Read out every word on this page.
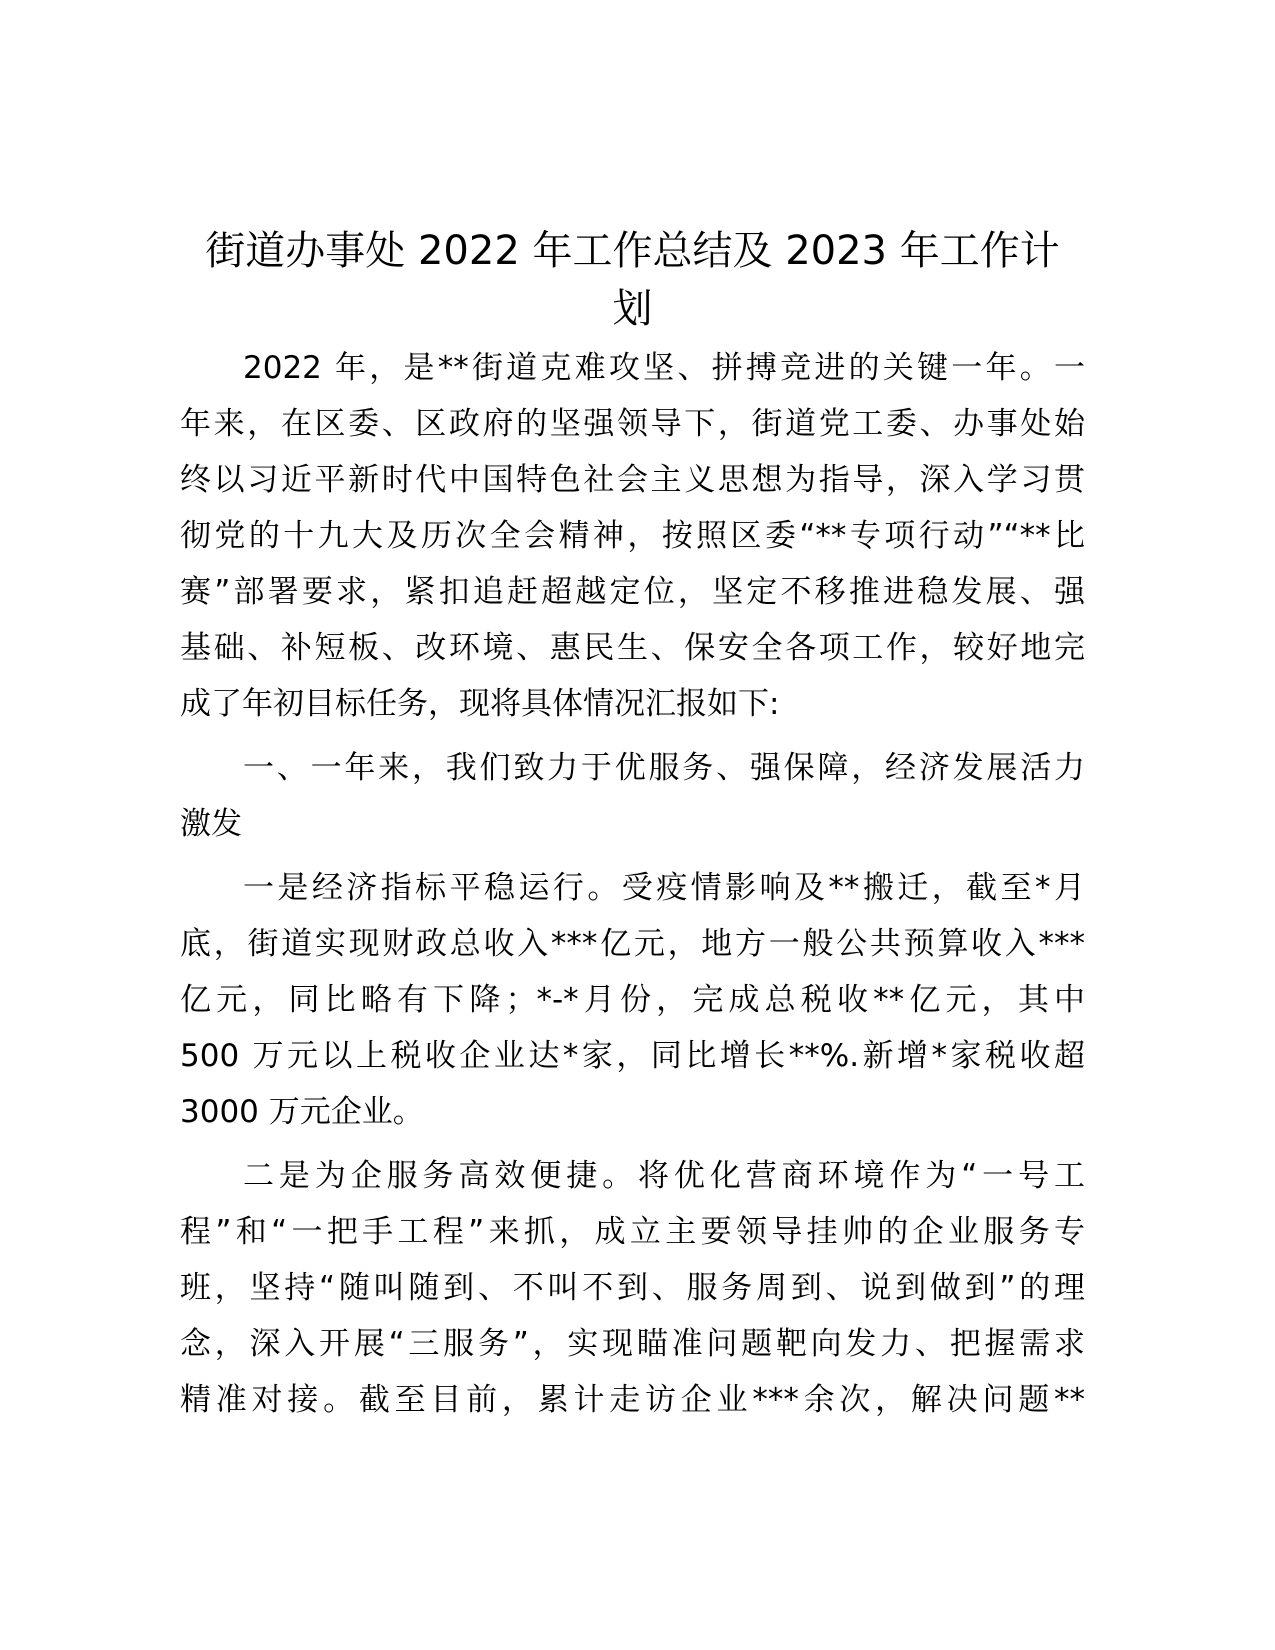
街道办事处 2022 年工作总结及 2023 年工作计
划
2022 年，是**街道克难攻坚、拼搏竞进的关键一年。一
年来，在区委、区政府的坚强领导下，街道党工委、办事处始
终以习近平新时代中国特色社会主义思想为指导，深入学习贯
彻党的十九大及历次全会精神，按照区委“**专项行动”“**比
赛”部署要求，紧扣追赶超越定位，坚定不移推进稳发展、强
基础、补短板、改环境、惠民生、保安全各项工作，较好地完
成了年初目标任务，现将具体情况汇报如下:
一、一年来，我们致力于优服务、强保障，经济发展活力
激发
一是经济指标平稳运行。受疫情影响及**搬迁，截至*月
底，街道实现财政总收入***亿元，地方一般公共预算收入***
亿元，同比略有下降；*-*月份，完成总税收**亿元，其中
500 万元以上税收企业达*家，同比增长**%.新增*家税收超
3000 万元企业。
二是为企服务高效便捷。将优化营商环境作为“一号工
程”和“一把手工程”来抓，成立主要领导挂帅的企业服务专
班，坚持“随叫随到、不叫不到、服务周到、说到做到”的理
念，深入开展“三服务”，实现瞄准问题靶向发力、把握需求
精准对接。截至目前，累计走访企业***余次，解决问题**
